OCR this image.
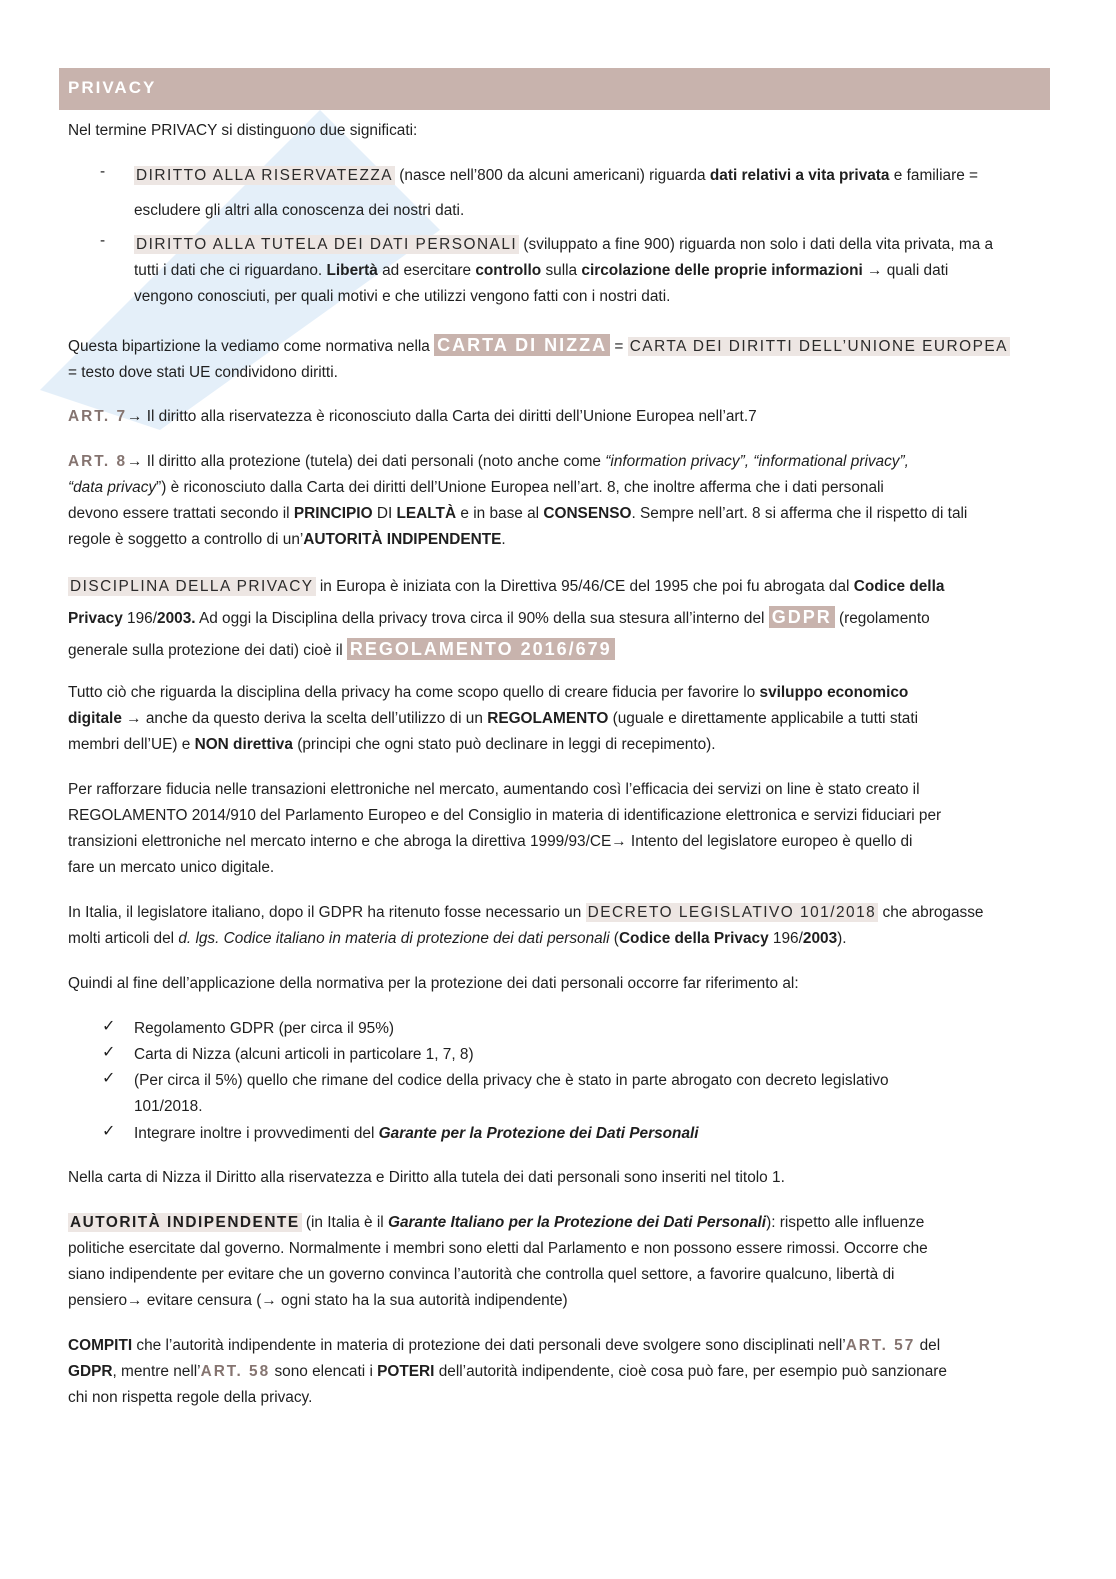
PRIVACY

Nel termine PRIVACY si distinguono due significati:

- DIRITTO ALLA RISERVATEZZA (nasce nell’800 da alcuni americani) riguarda dati relativi a vita privata e familiare =

escludere gli altri alla conoscenza dei nostri dati.

- DIRITTO ALLA TUTELA DEI DATI PERSONALI (sviluppato a fine 900) riguarda non solo i dati della vita privata, ma a
tutti i dati che ci riguardano. Libertà ad esercitare controllo sulla circolazione delle proprie informazioni → quali dati
vengono conosciuti, per quali motivi e che utilizzi vengono fatti con i nostri dati.

Questa bipartizione la vediamo come normativa nella CARTA DI NIZZA = CARTA DEI DIRITTI DELL’UNIONE EUROPEA
= testo dove stati UE condividono diritti.

ART. 7→ Il diritto alla riservatezza è riconosciuto dalla Carta dei diritti dell’Unione Europea nell’art.7

ART. 8→ Il diritto alla protezione (tutela) dei dati personali (noto anche come “information privacy”, “informational privacy”,
“data privacy”) è riconosciuto dalla Carta dei diritti dell’Unione Europea nell’art. 8, che inoltre afferma che i dati personali
devono essere trattati secondo il PRINCIPIO DI LEALTÀ e in base al CONSENSO. Sempre nell’art. 8 si afferma che il rispetto di tali
regole è soggetto a controllo di un’AUTORITÀ INDIPENDENTE.

DISCIPLINA DELLA PRIVACY in Europa è iniziata con la Direttiva 95/46/CE del 1995 che poi fu abrogata dal Codice della
Privacy 196/2003. Ad oggi la Disciplina della privacy trova circa il 90% della sua stesura all’interno del GDPR (regolamento
generale sulla protezione dei dati) cioè il REGOLAMENTO 2016/679

Tutto ciò che riguarda la disciplina della privacy ha come scopo quello di creare fiducia per favorire lo sviluppo economico
digitale → anche da questo deriva la scelta dell’utilizzo di un REGOLAMENTO (uguale e direttamente applicabile a tutti stati
membri dell’UE) e NON direttiva (principi che ogni stato può declinare in leggi di recepimento).

Per rafforzare fiducia nelle transazioni elettroniche nel mercato, aumentando così l’efficacia dei servizi on line è stato creato il
REGOLAMENTO 2014/910 del Parlamento Europeo e del Consiglio in materia di identificazione elettronica e servizi fiduciari per
transizioni elettroniche nel mercato interno e che abroga la direttiva 1999/93/CE→ Intento del legislatore europeo è quello di
fare un mercato unico digitale.

In Italia, il legislatore italiano, dopo il GDPR ha ritenuto fosse necessario un DECRETO LEGISLATIVO 101/2018 che abrogasse
molti articoli del d. lgs. Codice italiano in materia di protezione dei dati personali (Codice della Privacy 196/2003).

Quindi al fine dell’applicazione della normativa per la protezione dei dati personali occorre far riferimento al:

✓ Regolamento GDPR (per circa il 95%)

✓ Carta di Nizza (alcuni articoli in particolare 1, 7, 8)

✓ (Per circa il 5%) quello che rimane del codice della privacy che è stato in parte abrogato con decreto legislativo
101/2018.

✓ Integrare inoltre i provvedimenti del Garante per la Protezione dei Dati Personali

Nella carta di Nizza il Diritto alla riservatezza e Diritto alla tutela dei dati personali sono inseriti nel titolo 1.

AUTORITÀ INDIPENDENTE (in Italia è il Garante Italiano per la Protezione dei Dati Personali): rispetto alle influenze
politiche esercitate dal governo. Normalmente i membri sono eletti dal Parlamento e non possono essere rimossi. Occorre che
siano indipendente per evitare che un governo convinca l’autorità che controlla quel settore, a favorire qualcuno, libertà di
pensiero→ evitare censura (→ ogni stato ha la sua autorità indipendente)

COMPITI che l’autorità indipendente in materia di protezione dei dati personali deve svolgere sono disciplinati nell’ART. 57 del
GDPR, mentre nell’ART. 58 sono elencati i POTERI dell’autorità indipendente, cioè cosa può fare, per esempio può sanzionare
chi non rispetta regole della privacy.
